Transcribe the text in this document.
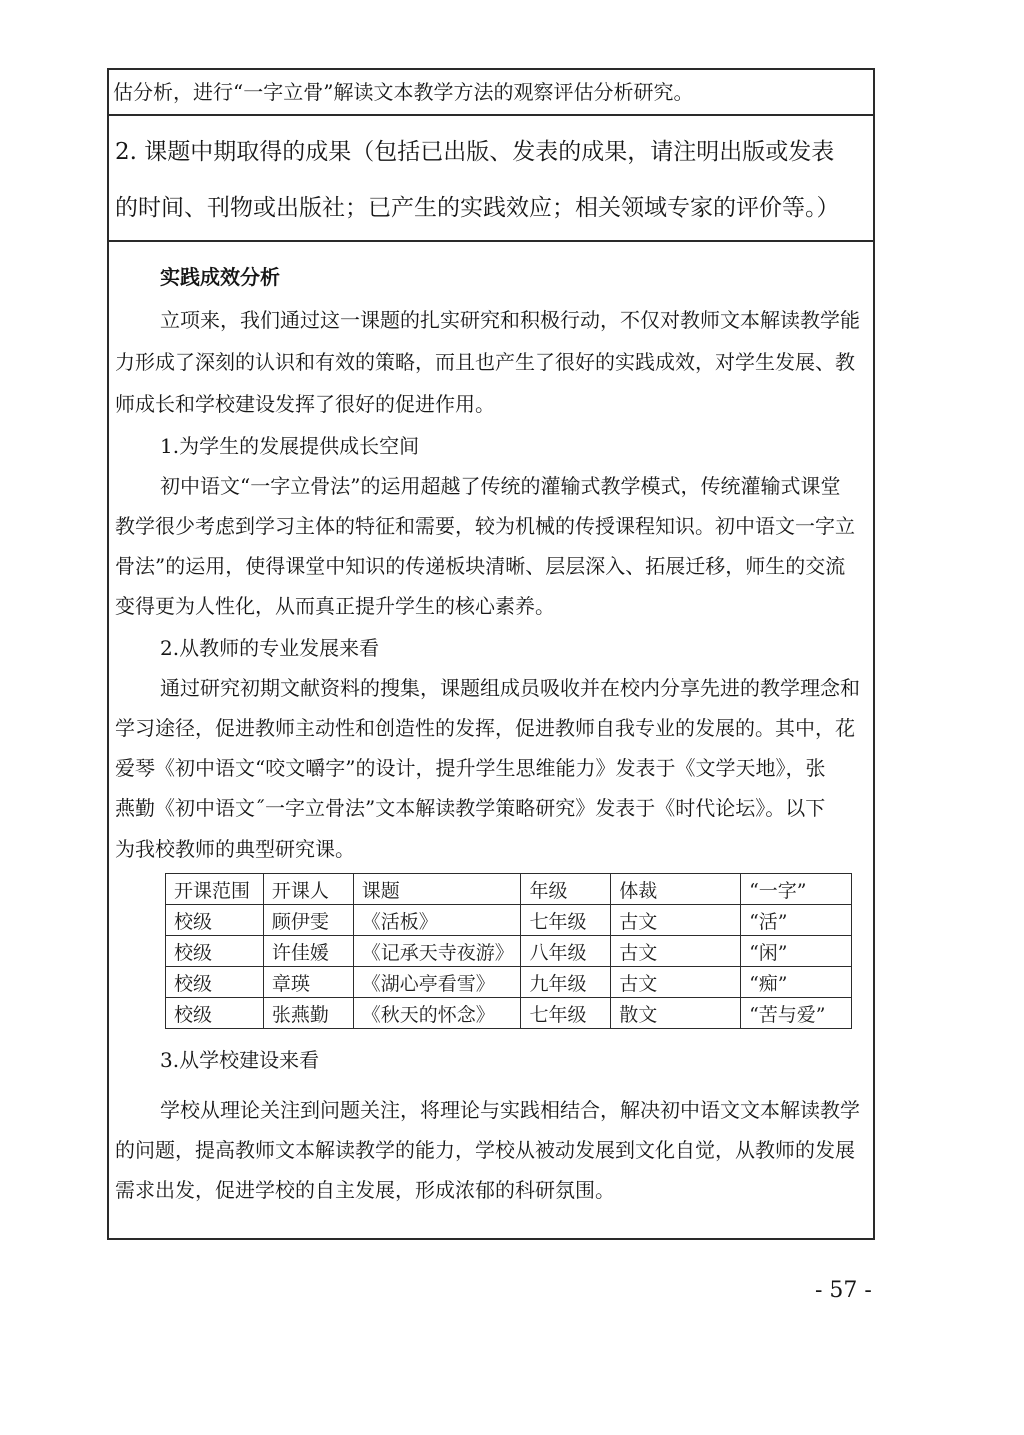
估分析，进行“一字立骨”解读文本教学方法的观察评估分析研究。
2. 课题中期取得的成果（包括已出版、发表的成果，请注明出版或发表
的时间、刊物或出版社；已产生的实践效应；相关领域专家的评价等。）
实践成效分析
立项来，我们通过这一课题的扎实研究和积极行动，不仅对教师文本解读教学能
力形成了深刻的认识和有效的策略，而且也产生了很好的实践成效，对学生发展、教
师成长和学校建设发挥了很好的促进作用。
1.为学生的发展提供成长空间
初中语文“一字立骨法”的运用超越了传统的灌输式教学模式，传统灌输式课堂
教学很少考虑到学习主体的特征和需要，较为机械的传授课程知识。初中语文一字立
骨法”的运用，使得课堂中知识的传递板块清晰、层层深入、拓展迁移，师生的交流
变得更为人性化，从而真正提升学生的核心素养。
2.从教师的专业发展来看
通过研究初期文献资料的搜集，课题组成员吸收并在校内分享先进的教学理念和
学习途径，促进教师主动性和创造性的发挥，促进教师自我专业的发展的。其中，花
爱琴《初中语文“咬文嚼字”的设计，提升学生思维能力》发表于《文学天地》，张
燕勤《初中语文˝一字立骨法”文本解读教学策略研究》发表于《时代论坛》。以下
为我校教师的典型研究课。
开课范围	开课人	课题	年级	体裁	“一字”
校级	顾伊雯	《活板》	七年级	古文	“活”
校级	许佳媛	《记承天寺夜游》	八年级	古文	“闲”
校级	章瑛	《湖心亭看雪》	九年级	古文	“痴”
校级	张燕勤	《秋天的怀念》	七年级	散文	“苦与爱”
3.从学校建设来看
学校从理论关注到问题关注，将理论与实践相结合，解决初中语文文本解读教学
的问题，提高教师文本解读教学的能力，学校从被动发展到文化自觉，从教师的发展
需求出发，促进学校的自主发展，形成浓郁的科研氛围。
- 57 -
